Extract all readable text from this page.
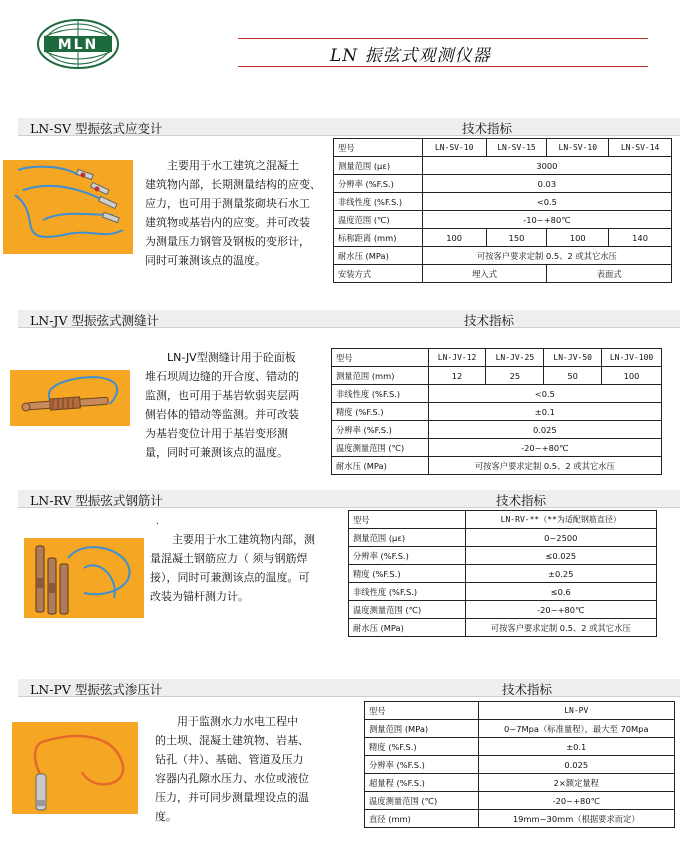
MLN
LN 振弦式观测仪器
LN-SV 型振弦式应变计	技术指标

主要用于水工建筑之混凝土

建筑物内部，长期测量结构的应变、

应力，也可用于测量浆砌块石水工

建筑物或基岩内的应变。并可改装

为测量压力钢管及钢板的变形计，

同时可兼测该点的温度。

型号	LN-SV-10	LN-SV-15	LN-SV-10	LN-SV-14
测量范围 (με)	3000			
分辨率 (%F.S.)	0.03			
非线性度 (%F.S.)	<0.5			
温度范围 (℃)	-10~+80℃			
标称距离 (mm)	100	150	100	140
耐水压 (MPa)	可按客户要求定制 0.5、2 或其它水压			
安装方式	埋入式		表面式	
LN-JV 型振弦式测缝计	技术指标

LN-JV型测缝计用于砼面板

堆石坝周边缝的开合度、错动的

监测，也可用于基岩软弱夹层两

侧岩体的错动等监测。并可改装

为基岩变位计用于基岩变形测

量，同时可兼测该点的温度。

型号	LN-JV-12	LN-JV-25	LN-JV-50	LN-JV-100
测量范围 (mm)	12	25	50	100
非线性度 (%F.S.)	<0.5			
精度 (%F.S.)	±0.1			
分辨率 (%F.S.)	0.025			
温度测量范围 (℃)	-20~+80℃			
耐水压 (MPa)	可按客户要求定制 0.5、2 或其它水压			
LN-RV 型振弦式钢筋计	技术指标
.

主要用于水工建筑物内部，测

量混凝土钢筋应力（ 须与钢筋焊

接），同时可兼测该点的温度。可

改装为锚杆测力计。

型号	LN-RV-**（**为适配钢筋直径）
测量范围 (με)	0~2500
分辨率 (%F.S.)	≤0.025
精度 (%F.S.)	±0.25
非线性度 (%F.S.)	≤0.6
温度测量范围 (℃)	-20~+80℃
耐水压 (MPa)	可按客户要求定制 0.5、2 或其它水压
LN-PV 型振弦式渗压计	技术指标

用于监测水力水电工程中

的土坝、混凝土建筑物、岩基、

钻孔（井）、基础、管道及压力

容器内孔隙水压力、水位或液位

压力，并可同步测量埋设点的温

度。

型号	LN-PV
测量范围 (MPa)	0~7Mpa（标准量程），最大至 70Mpa
精度 (%F.S.)	±0.1
分辨率 (%F.S.)	0.025
超量程 (%F.S.)	2×额定量程
温度测量范围 (℃)	-20~+80℃
直径 (mm)	19mm~30mm（根据要求而定）
